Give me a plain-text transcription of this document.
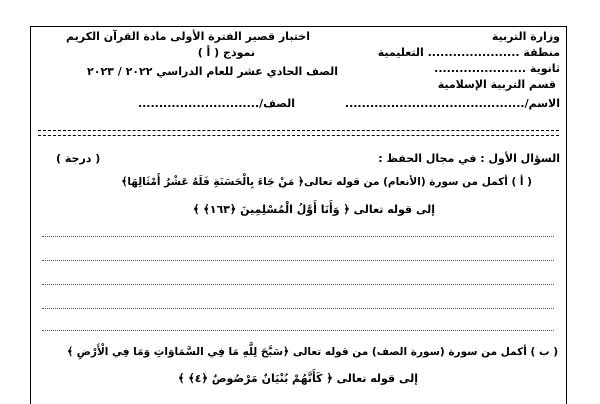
وزارة التربية
منطقة ...................... التعليمية
ثانوية ......................
قسم التربية الإسلامية
الاسم/...........................................
الصف/.............................
اختبار قصير الفترة الأولى مادة القرآن الكريم
نموذج ( أ )
الصف الحادي عشر للعام الدراسي ٢٠٢٢ / ٢٠٢٣
السؤال الأول : في مجال الحفظ :
( درجة )
( أ ) أكمل من سورة (الأنعام) من قوله تعالى﴿ مَنْ جَاءَ بِالْحَسَنَةِ فَلَهُ عَشْرُ أَمْثَالِهَا﴾
إلى قوله تعالى ﴿ وَأَنَا أَوَّلُ الْمُسْلِمِينَ ﴿١٦٣﴾ ﴾
( ب ) أكمل من سورة (سورة الصف) من قوله تعالى ﴿سَبَّحَ لِلَّهِ مَا فِي السَّمَاوَاتِ وَمَا فِي الْأَرْضِ ﴾
إلى قوله تعالى ﴿ كَأَنَّهُمْ بُنْيَانٌ مَرْصُوصٌ ﴿٤﴾ ﴾
